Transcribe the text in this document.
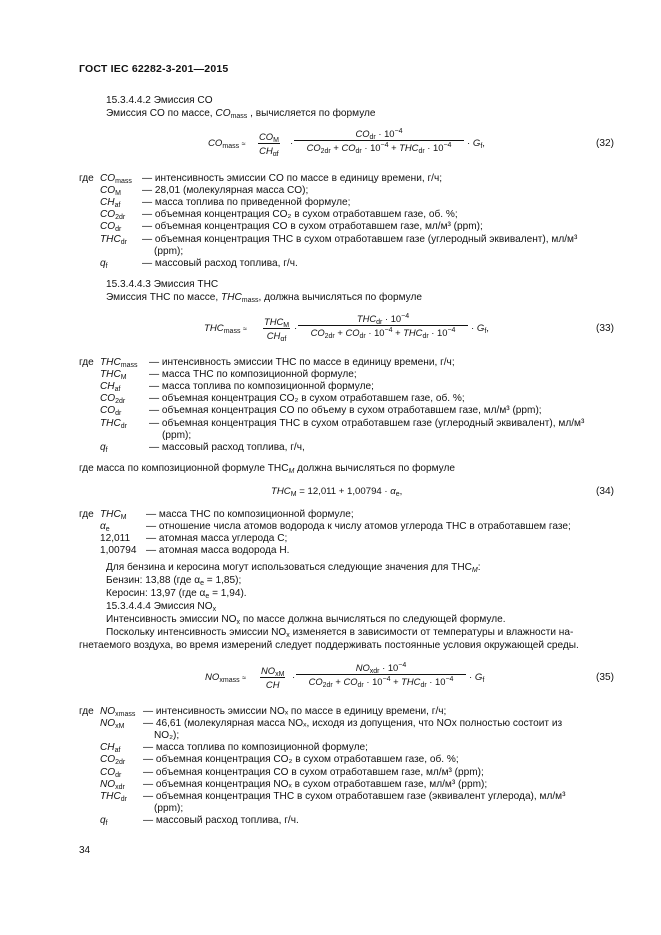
ГОСТ IEC 62282-3-201—2015
15.3.4.4.2 Эмиссия CO
Эмиссия CO по массе, $CO_{mass}$ , вычисляется по формуле
$CO_{mass}$ ≈
$CO_M$
$CH_{\alpha f}$
·
$CO_{dr} \cdot 10^{-4}$
$CO_{2dr} + CO_{dr} \cdot 10^{-4} + THC_{dr} \cdot 10^{-4}$	· $G_f$,	(32)
где $CO_{mass}$ — интенсивность эмиссии CO по массе в единицу времени, г/ч;
$CO_M$ — 28,01 (молекулярная масса CO);
$CH_{af}$ — масса топлива по приведенной формуле;
$CO_{2dr}$ — объемная концентрация CO₂ в сухом отработавшем газе, об. %;
$CO_{dr}$ — объемная концентрация CO в сухом отработавшем газе, мл/м³ (ppm);
$THC_{dr}$ — объемная концентрация THC в сухом отработавшем газе (углеродный эквивалент), мл/м³
(ppm);
$q_f$	— массовый расход топлива, г/ч.
15.3.4.4.3 Эмиссия THC
Эмиссия THC по массе, $THC_{mass}$, должна вычисляться по формуле
$THC_{mass}$ ≈
$THC_M$
$CH_{\alpha f}$
·
$THC_{dr} \cdot 10^{-4}$
$CO_{2dr} + CO_{dr} \cdot 10^{-4} + THC_{dr} \cdot 10^{-4}$	· $G_f$,	(33)
где $THC_{mass}$ — интенсивность эмиссии THC по массе в единицу времени, г/ч;
$THC_M$ — масса THC по композиционной формуле;
$CH_{af}$	— масса топлива по композиционной формуле;
$CO_{2dr}$ — объемная концентрация CO₂ в сухом отработавшем газе, об. %;
$CO_{dr}$	— объемная концентрация CO по объему в сухом отработавшем газе, мл/м³ (ppm);
$THC_{dr}$ — объемная концентрация THC в сухом отработавшем газе (углеродный эквивалент), мл/м³
(ppm);
$q_f$	— массовый расход топлива, г/ч,
где масса по композиционной формуле $THC_M$ должна вычисляться по формуле
$THC_M = 12,011 + 1,00794 \cdot \alpha_e$,	(34)
где $THC_M$ — масса THC по композиционной формуле;
$\alpha_e$	— отношение числа атомов водорода к числу атомов углерода THC в отработавшем газе;
12,011 — атомная масса углерода C;
1,00794 — атомная масса водорода H.
Для бензина и керосина могут использоваться следующие значения для $THC_M$:
Бензин: 13,88 (где $\alpha_e = 1,85$);
Керосин: 13,97 (где $\alpha_e = 1,94$).
15.3.4.4.4 Эмиссия $NO_x$
Интенсивность эмиссии $NO_x$ по массе должна вычисляться по следующей формуле.
Поскольку интенсивность эмиссии $NO_x$ изменяется в зависимости от температуры и влажности на-
гнетаемого воздуха, во время измерений следует поддерживать постоянные условия окружающей среды.
$NO_{xmass}$ ≈
$NO_{xM}$
CH
·
$NO_{xdr} \cdot 10^{-4}$
$CO_{2dr} + CO_{dr} \cdot 10^{-4} + THC_{dr} \cdot 10^{-4}$	· $G_f$	(35)
где $NO_{xmass}$ — интенсивность эмиссии NOₓ по массе в единицу времени, г/ч;
$NO_{xM}$ — 46,61 (молекулярная масса NOₓ, исходя из допущения, что NOx полностью состоит из
NO₂);
$CH_{af}$ — масса топлива по композиционной формуле;
$CO_{2dr}$ — объемная концентрация CO₂ в сухом отработавшем газе, об. %;
$CO_{dr}$ — объемная концентрация CO в сухом отработавшем газе, мл/м³ (ppm);
$NO_{xdr}$ — объемная концентрация NOₓ в сухом отработавшем газе, мл/м³ (ppm);
$THC_{dr}$ — объемная концентрация THC в сухом отработавшем газе (эквивалент углерода), мл/м³
(ppm);
$q_f$	— массовый расход топлива, г/ч.
34
